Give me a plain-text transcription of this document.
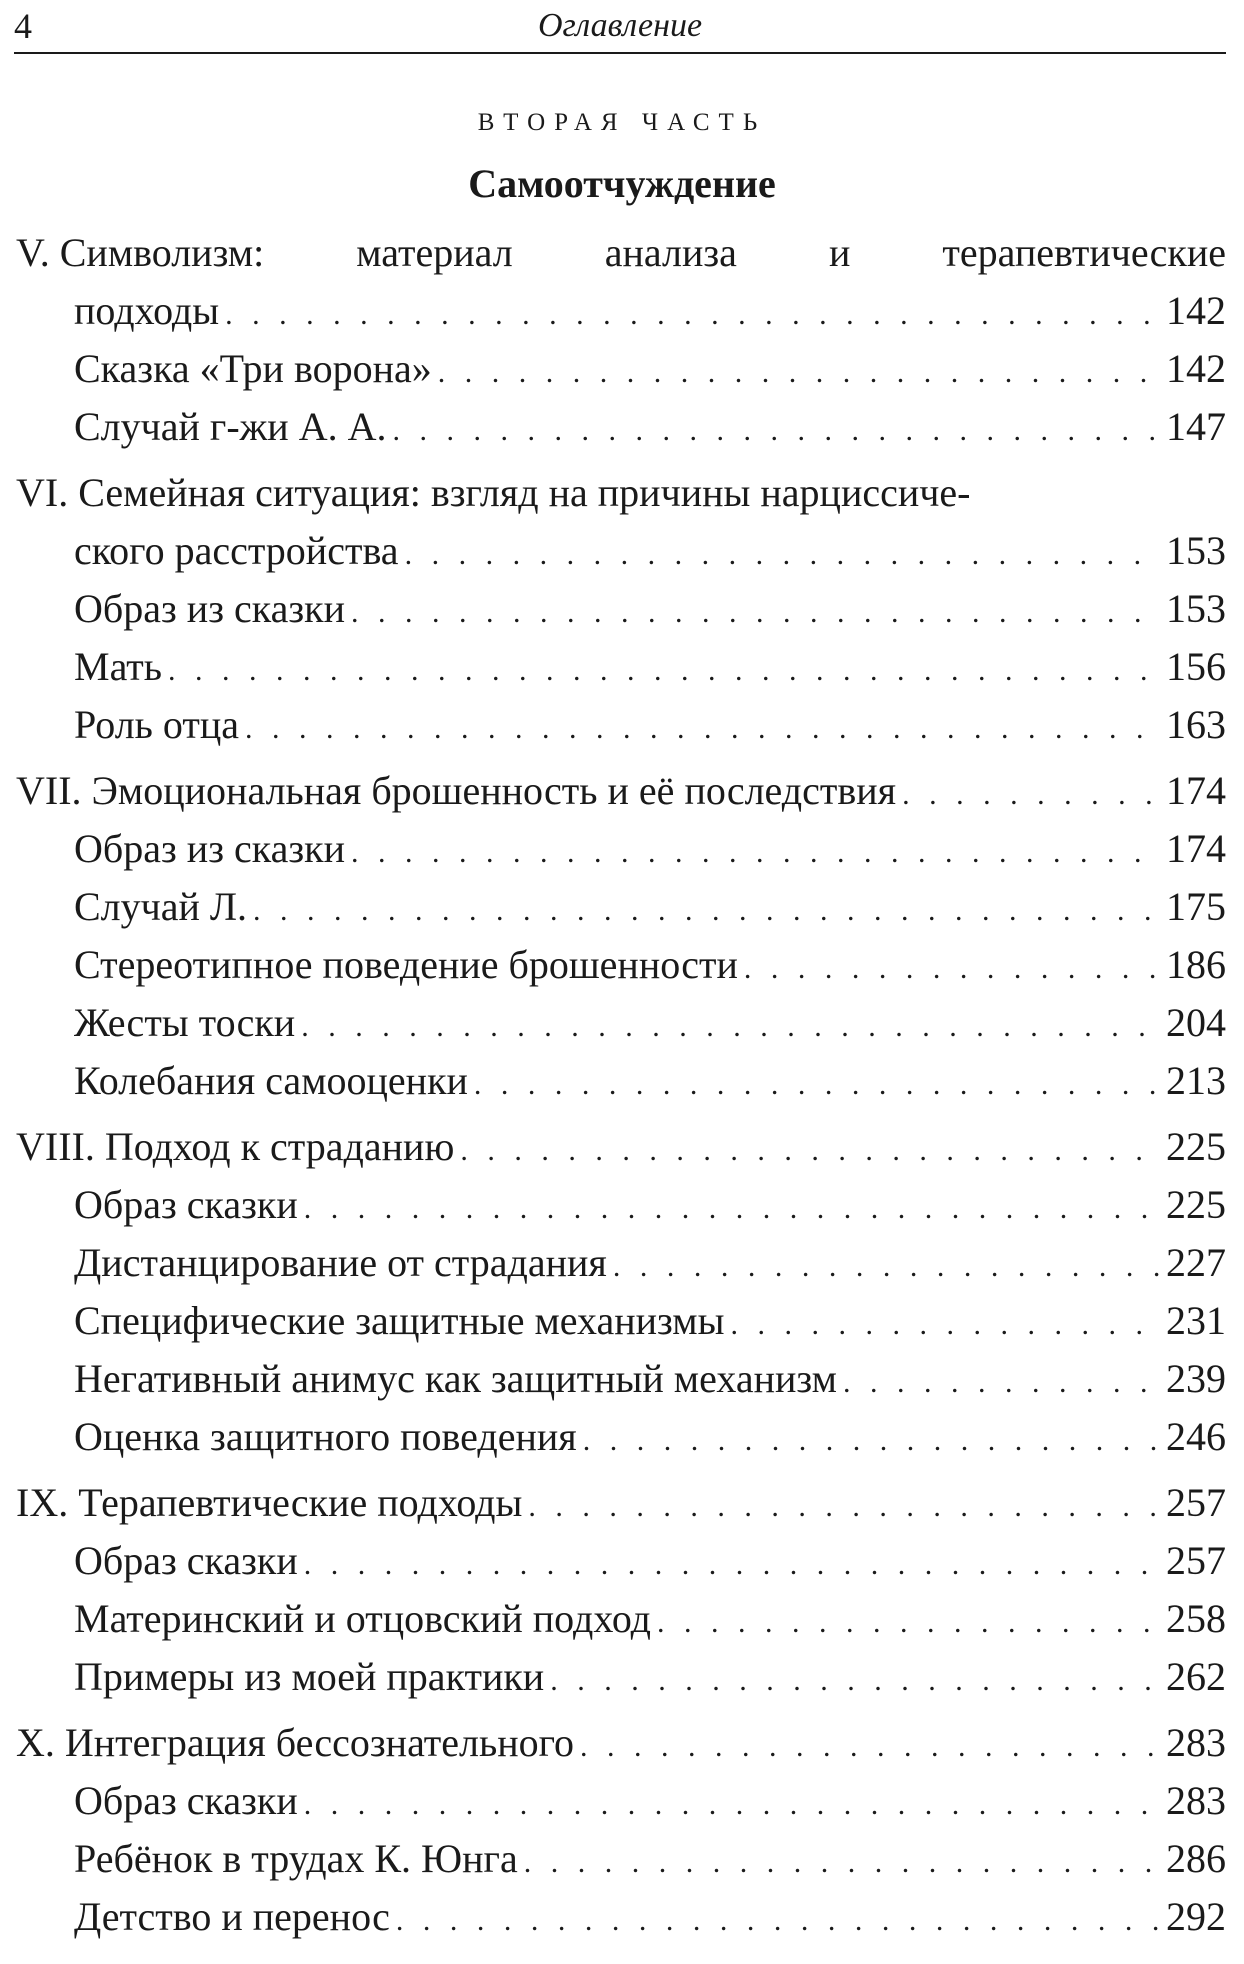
4	Оглавление
ВТОРАЯ ЧАСТЬ
Самоотчуждение
V. Символизм: материал анализа и терапевтические
подходы . . .	142
Сказка «Три ворона» . . .	142
Случай г-жи А. А. . . .	147
VI. Семейная ситуация: взгляд на причины нарциссиче-
ского расстройства . . .	153
Образ из сказки . . .	153
Мать . . .	156
Роль отца . . .	163
VII. Эмоциональная брошенность и её последствия . . .	174
Образ из сказки . . .	174
Случай Л. . . .	175
Стереотипное поведение брошенности . . .	186
Жесты тоски . . .	204
Колебания самооценки . . .	213
VIII. Подход к страданию . . .	225
Образ сказки . . .	225
Дистанцирование от страдания . . .	227
Специфические защитные механизмы . . .	231
Негативный анимус как защитный механизм . . .	239
Оценка защитного поведения . . .	246
IX. Терапевтические подходы . . .	257
Образ сказки . . .	257
Материнский и отцовский подход . . .	258
Примеры из моей практики . . .	262
X. Интеграция бессознательного . . .	283
Образ сказки . . .	283
Ребёнок в трудах К. Юнга . . .	286
Детство и перенос . . .	292
